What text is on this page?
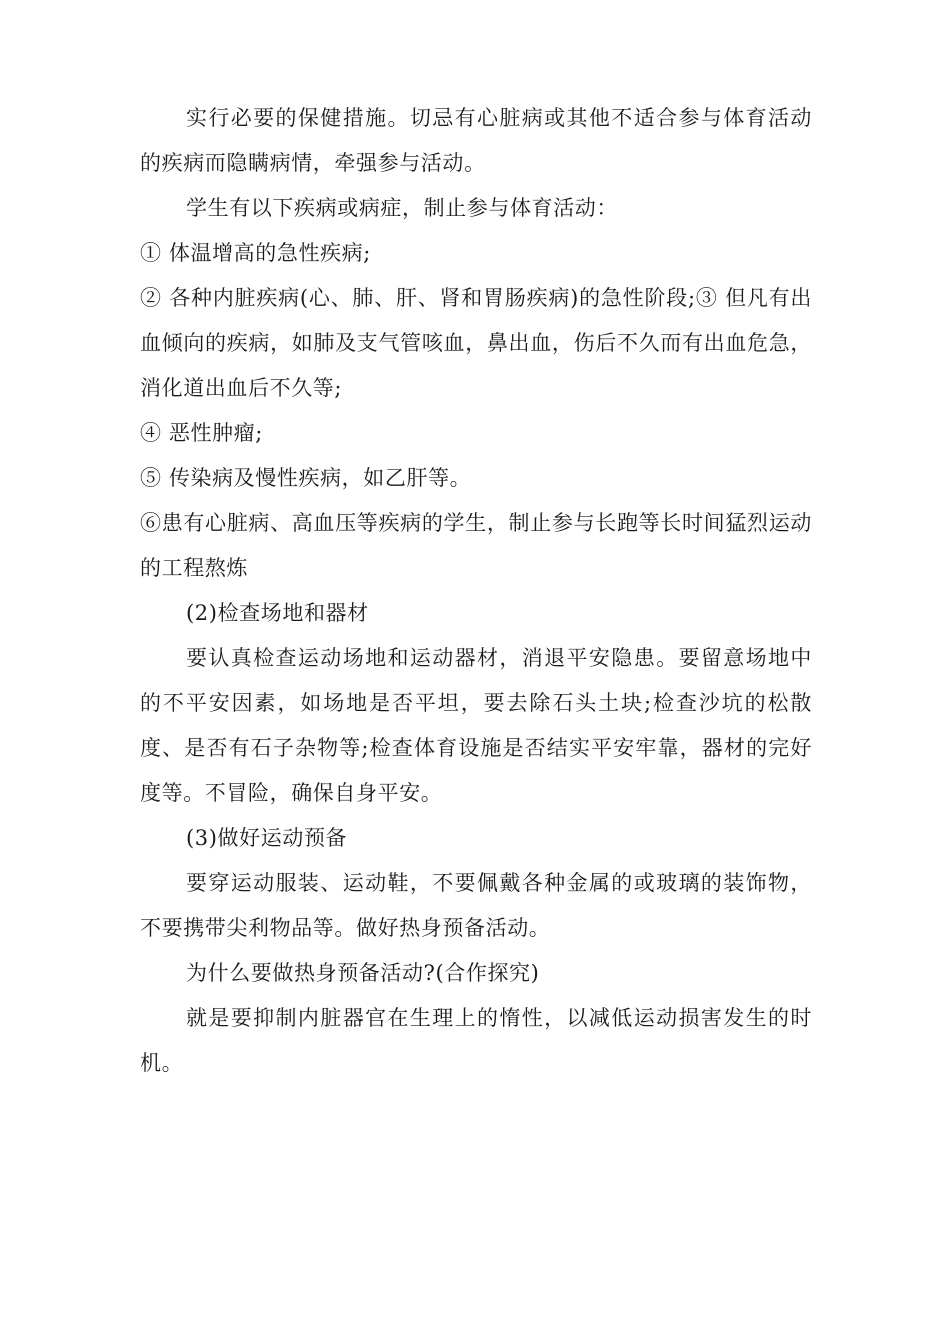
实行必要的保健措施。切忌有心脏病或其他不适合参与体育活动的疾病而隐瞒病情，牵强参与活动。

学生有以下疾病或病症，制止参与体育活动：

① 体温增高的急性疾病;

② 各种内脏疾病(心、肺、肝、肾和胃肠疾病)的急性阶段;③ 但凡有出血倾向的疾病，如肺及支气管咳血，鼻出血，伤后不久而有出血危急，消化道出血后不久等;

④ 恶性肿瘤;

⑤ 传染病及慢性疾病，如乙肝等。

⑥患有心脏病、高血压等疾病的学生，制止参与长跑等长时间猛烈运动的工程熬炼

(2)检查场地和器材

要认真检查运动场地和运动器材，消退平安隐患。要留意场地中的不平安因素，如场地是否平坦，要去除石头土块;检查沙坑的松散度、是否有石子杂物等;检查体育设施是否结实平安牢靠，器材的完好度等。不冒险，确保自身平安。

(3)做好运动预备

要穿运动服装、运动鞋，不要佩戴各种金属的或玻璃的装饰物，不要携带尖利物品等。做好热身预备活动。

为什么要做热身预备活动?(合作探究)

就是要抑制内脏器官在生理上的惰性，以减低运动损害发生的时机。
